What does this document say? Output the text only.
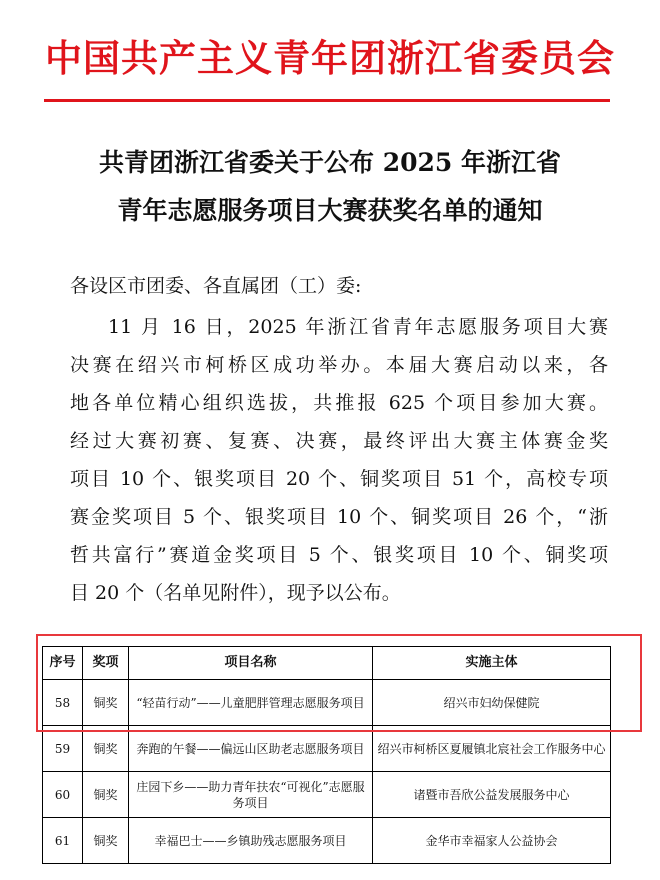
中国共产主义青年团浙江省委员会
共青团浙江省委关于公布 2025 年浙江省
青年志愿服务项目大赛获奖名单的通知
各设区市团委、各直属团（工）委:
11 月 16 日，2025 年浙江省青年志愿服务项目大赛
决赛在绍兴市柯桥区成功举办。本届大赛启动以来，各
地各单位精心组织选拔，共推报 625 个项目参加大赛。
经过大赛初赛、复赛、决赛，最终评出大赛主体赛金奖
项目 10 个、银奖项目 20 个、铜奖项目 51 个，高校专项
赛金奖项目 5 个、银奖项目 10 个、铜奖项目 26 个，“浙
哲共富行”赛道金奖项目 5 个、银奖项目 10 个、铜奖项
目 20 个（名单见附件），现予以公布。
序号	奖项	项目名称	实施主体
58	铜奖	“轻苗行动”——儿童肥胖管理志愿服务项目	绍兴市妇幼保健院
59	铜奖	奔跑的午餐——偏远山区助老志愿服务项目	绍兴市柯桥区夏履镇北宸社会工作服务中心
60	铜奖	庄园下乡——助力青年扶农“可视化”志愿服务项目	诸暨市吾欣公益发展服务中心
61	铜奖	幸福巴士——乡镇助残志愿服务项目	金华市幸福家人公益协会
